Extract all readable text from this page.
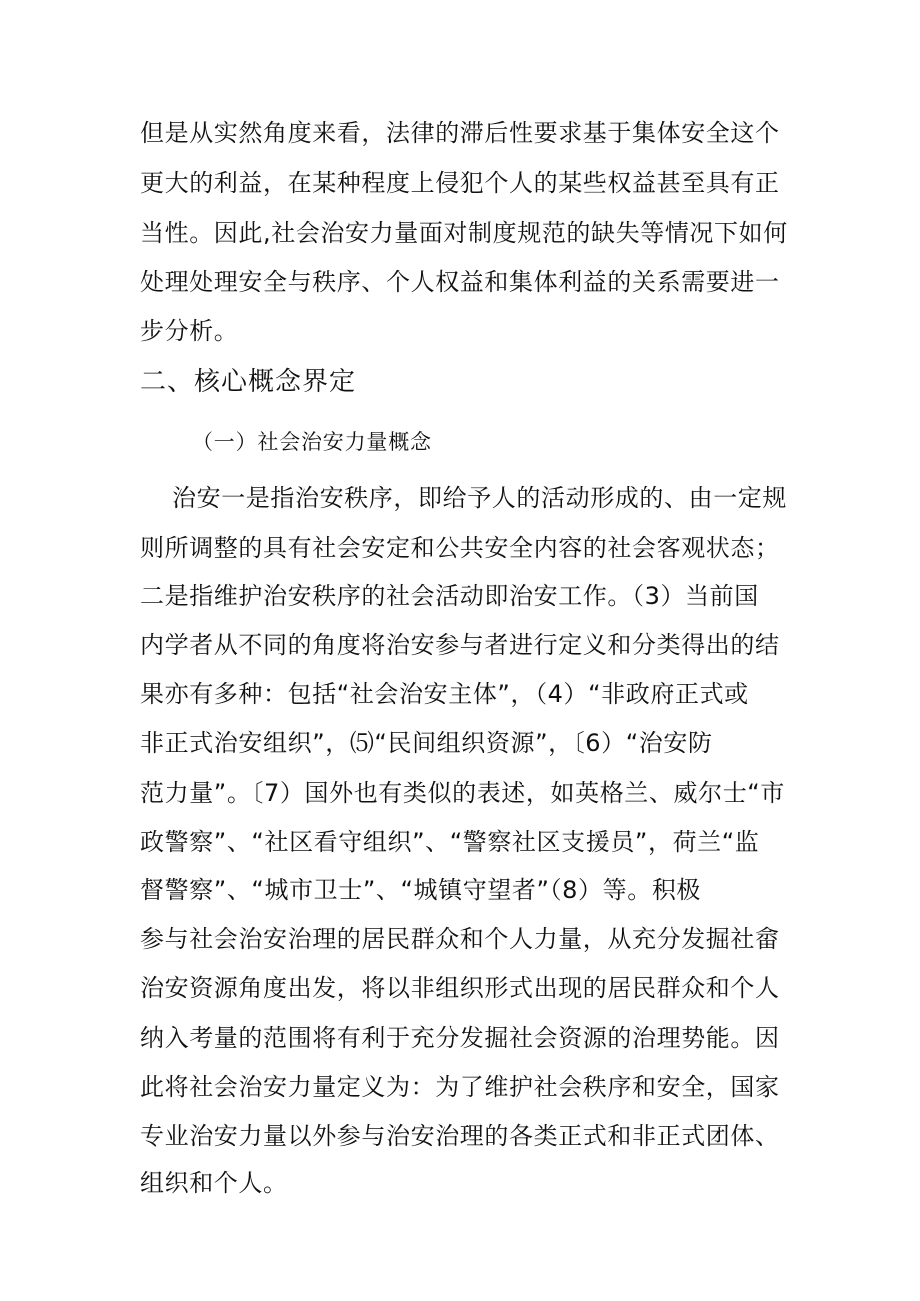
但是从实然角度来看，法律的滞后性要求基于集体安全这个
更大的利益，在某种程度上侵犯个人的某些权益甚至具有正
当性。因此,社会治安力量面对制度规范的缺失等情况下如何
处理处理安全与秩序、个人权益和集体利益的关系需要进一
步分析。
二、核心概念界定
（一）社会治安力量概念
治安一是指治安秩序，即给予人的活动形成的、由一定规
则所调整的具有社会安定和公共安全内容的社会客观状态；
二是指维护治安秩序的社会活动即治安工作。（3）当前国
内学者从不同的角度将治安参与者进行定义和分类得出的结
果亦有多种：包括“社会治安主体”，（4）“非政府正式或
非正式治安组织”，⑸“民间组织资源”，〔6）“治安防
范力量”。〔7）国外也有类似的表述，如英格兰、威尔士“市
政警察”、“社区看守组织”、“警察社区支援员”，荷兰“监
督警察”、“城市卫士”、“城镇守望者”（8）等。积极
参与社会治安治理的居民群众和个人力量，从充分发掘社畲
治安资源角度出发，将以非组织形式出现的居民群众和个人
纳入考量的范围将有利于充分发掘社会资源的治理势能。因
此将社会治安力量定义为：为了维护社会秩序和安全，国家
专业治安力量以外参与治安治理的各类正式和非正式团体、
组织和个人。
